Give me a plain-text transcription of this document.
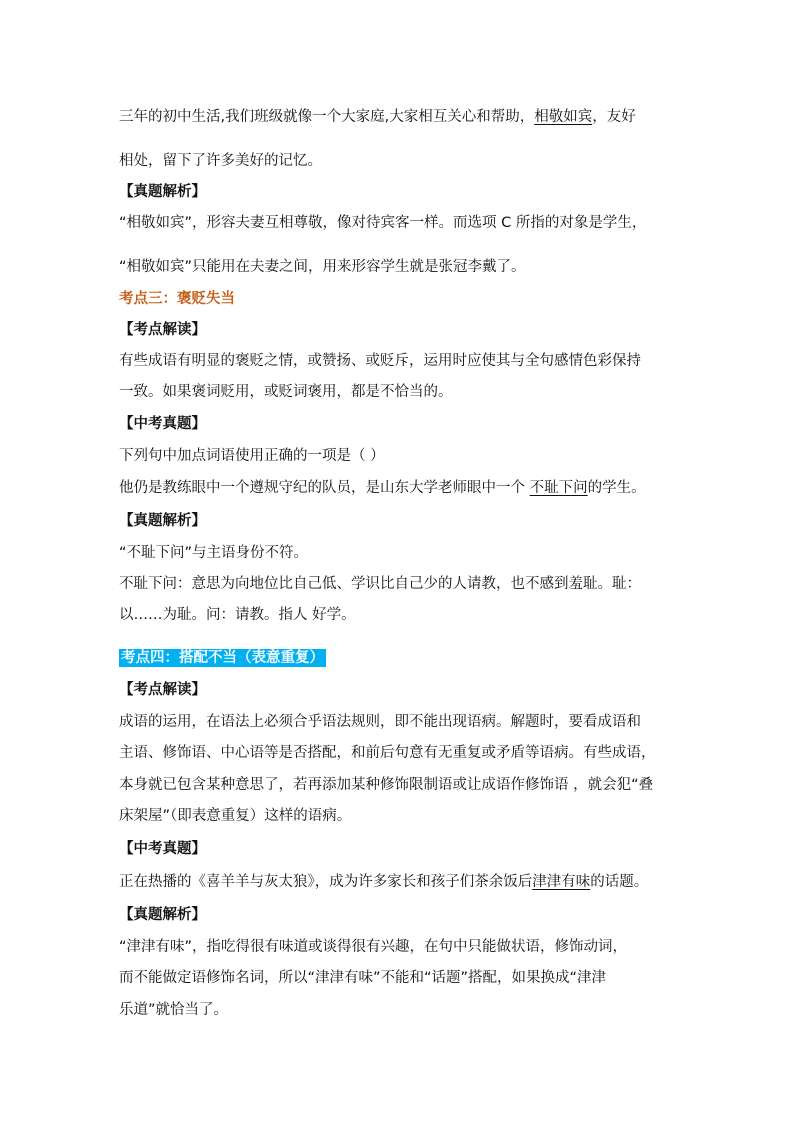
三年的初中生活,我们班级就像一个大家庭,大家相互关心和帮助，相敬如宾，友好
相处，留下了许多美好的记忆。
【真题解析】
“相敬如宾”，形容夫妻互相尊敬，像对待宾客一样。而选项 C 所指的对象是学生，
“相敬如宾”只能用在夫妻之间，用来形容学生就是张冠李戴了。
考点三：褒贬失当
【考点解读】
有些成语有明显的褒贬之情，或赞扬、或贬斥，运用时应使其与全句感情色彩保持
一致。如果褒词贬用，或贬词褒用，都是不恰当的。
【中考真题】
下列句中加点词语使用正确的一项是（ ）
他仍是教练眼中一个遵规守纪的队员，是山东大学老师眼中一个 不耻下问的学生。
【真题解析】
“不耻下问”与主语身份不符。
不耻下问：意思为向地位比自己低、学识比自己少的人请教，也不感到羞耻。耻：
以……为耻。问：请教。指人 好学。
考点四：搭配不当（表意重复）
【考点解读】
成语的运用，在语法上必须合乎语法规则，即不能出现语病。解题时，要看成语和
主语、修饰语、中心语等是否搭配，和前后句意有无重复或矛盾等语病。有些成语，
本身就已包含某种意思了，若再添加某种修饰限制语或让成语作修饰语 ，就会犯“叠
床架屋”（即表意重复）这样的语病。
【中考真题】
正在热播的《喜羊羊与灰太狼》，成为许多家长和孩子们茶余饭后津津有味的话题。
【真题解析】
“津津有味”，指吃得很有味道或谈得很有兴趣，在句中只能做状语，修饰动词，
而不能做定语修饰名词，所以“津津有味”不能和“话题”搭配，如果换成“津津
乐道”就恰当了。
